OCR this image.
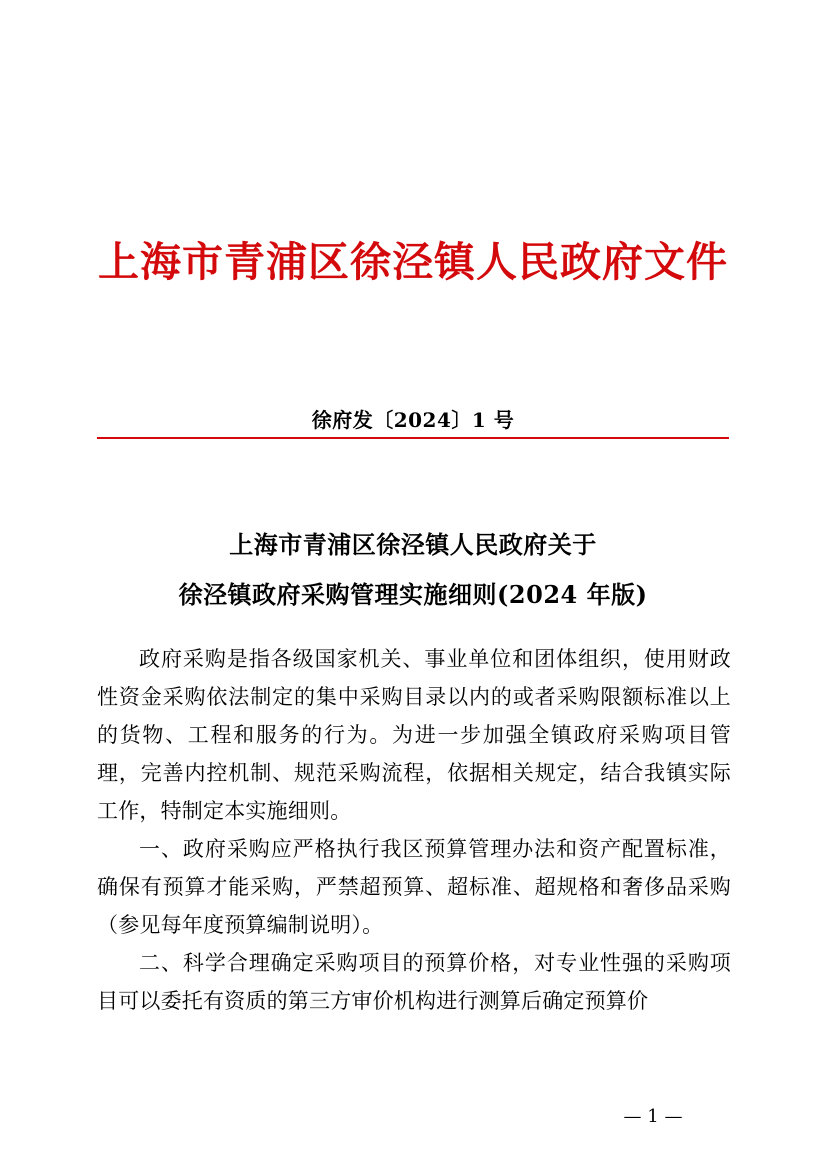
上海市青浦区徐泾镇人民政府文件
徐府发〔2024〕1 号
上海市青浦区徐泾镇人民政府关于
徐泾镇政府采购管理实施细则(2024 年版)

政府采购是指各级国家机关、事业单位和团体组织，使用财政性资金采购依法制定的集中采购目录以内的或者采购限额标准以上的货物、工程和服务的行为。为进一步加强全镇政府采购项目管理，完善内控机制、规范采购流程，依据相关规定，结合我镇实际工作，特制定本实施细则。

一、政府采购应严格执行我区预算管理办法和资产配置标准，确保有预算才能采购，严禁超预算、超标准、超规格和奢侈品采购（参见每年度预算编制说明）。

二、科学合理确定采购项目的预算价格，对专业性强的采购项目可以委托有资质的第三方审价机构进行测算后确定预算价

— 1 —
